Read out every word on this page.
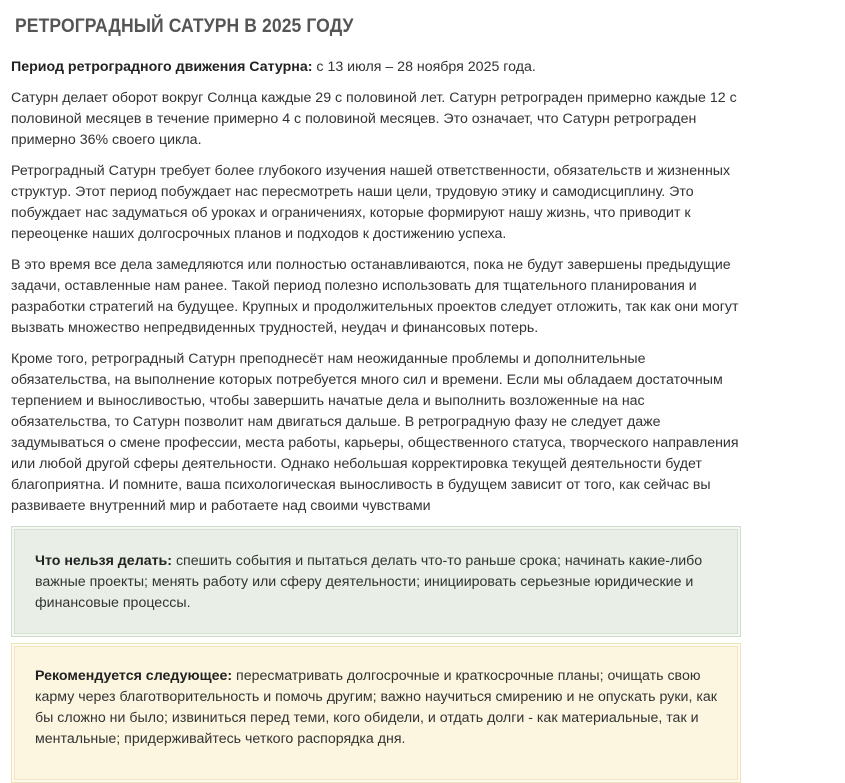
РЕТРОГРАДНЫЙ САТУРН В 2025 ГОДУ

Период ретроградного движения Сатурна: с 13 июля – 28 ноября 2025 года.

Сатурн делает оборот вокруг Солнца каждые 29 с половиной лет. Сатурн ретрограден примерно каждые 12 с половиной месяцев в течение примерно 4 с половиной месяцев. Это означает, что Сатурн ретрограден примерно 36% своего цикла.

Ретроградный Сатурн требует более глубокого изучения нашей ответственности, обязательств и жизненных структур. Этот период побуждает нас пересмотреть наши цели, трудовую этику и самодисциплину. Это побуждает нас задуматься об уроках и ограничениях, которые формируют нашу жизнь, что приводит к переоценке наших долгосрочных планов и подходов к достижению успеха.

В это время все дела замедляются или полностью останавливаются, пока не будут завершены предыдущие задачи, оставленные нам ранее. Такой период полезно использовать для тщательного планирования и разработки стратегий на будущее. Крупных и продолжительных проектов следует отложить, так как они могут вызвать множество непредвиденных трудностей, неудач и финансовых потерь.

Кроме того, ретроградный Сатурн преподнесёт нам неожиданные проблемы и дополнительные обязательства, на выполнение которых потребуется много сил и времени. Если мы обладаем достаточным терпением и выносливостью, чтобы завершить начатые дела и выполнить возложенные на нас обязательства, то Сатурн позволит нам двигаться дальше. В ретроградную фазу не следует даже задумываться о смене профессии, места работы, карьеры, общественного статуса, творческого направления или любой другой сферы деятельности. Однако небольшая корректировка текущей деятельности будет благоприятна. И помните, ваша психологическая выносливость в будущем зависит от того, как сейчас вы развиваете внутренний мир и работаете над своими чувствами

Что нельзя делать: спешить события и пытаться делать что-то раньше срока; начинать какие-либо важные проекты; менять работу или сферу деятельности; инициировать серьезные юридические и финансовые процессы.
Рекомендуется следующее: пересматривать долгосрочные и краткосрочные планы; очищать свою карму через благотворительность и помочь другим; важно научиться смирению и не опускать руки, как бы сложно ни было; извиниться перед теми, кого обидели, и отдать долги - как материальные, так и ментальные; придерживайтесь четкого распорядка дня.
